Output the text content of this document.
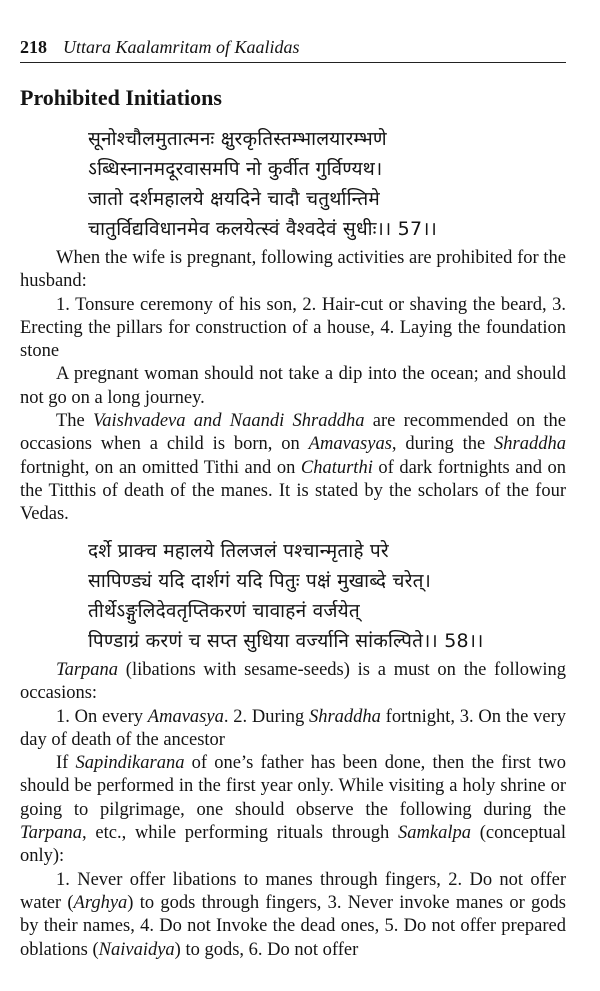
218 Uttara Kaalamritam of Kaalidas
Prohibited Initiations
सूनोश्चौलमुतात्मनः क्षुरकृतिस्तम्भालयारम्भणे
ऽब्धिस्नानमदूरवासमपि नो कुर्वीत गुर्विण्यथ।
जातो दर्शमहालये क्षयदिने चादौ चतुर्थान्तिमे
चातुर्विद्यविधानमेव कलयेत्स्वं वैश्वदेवं सुधीः।। 57।।

When the wife is pregnant, following activities are prohibited for the husband:

1. Tonsure ceremony of his son, 2. Hair-cut or shaving the beard, 3. Erecting the pillars for construction of a house, 4. Laying the foundation stone

A pregnant woman should not take a dip into the ocean; and should not go on a long journey.

The Vaishvadeva and Naandi Shraddha are recommended on the occasions when a child is born, on Amavasyas, during the Shraddha fortnight, on an omitted Tithi and on Chaturthi of dark fortnights and on the Titthis of death of the manes. It is stated by the scholars of the four Vedas.

दर्शे प्राक्च महालये तिलजलं पश्चान्मृताहे परे
सापिण्ड्यं यदि दार्शगं यदि पितुः पक्षं मुखाब्दे चरेत्।
तीर्थेऽङ्गुलिदेवतृप्तिकरणं चावाहनं वर्जयेत्
पिण्डाग्रं करणं च सप्त सुधिया वर्ज्यानि सांकल्पिते।। 58।।

Tarpana (libations with sesame-seeds) is a must on the following occasions:

1. On every Amavasya. 2. During Shraddha fortnight, 3. On the very day of death of the ancestor

If Sapindikarana of one’s father has been done, then the first two should be performed in the first year only. While visiting a holy shrine or going to pilgrimage, one should observe the following during the Tarpana, etc., while performing rituals through Samkalpa (conceptual only):

1. Never offer libations to manes through fingers, 2. Do not offer water (Arghya) to gods through fingers, 3. Never invoke manes or gods by their names, 4. Do not Invoke the dead ones, 5. Do not offer prepared oblations (Naivaidya) to gods, 6. Do not offer
